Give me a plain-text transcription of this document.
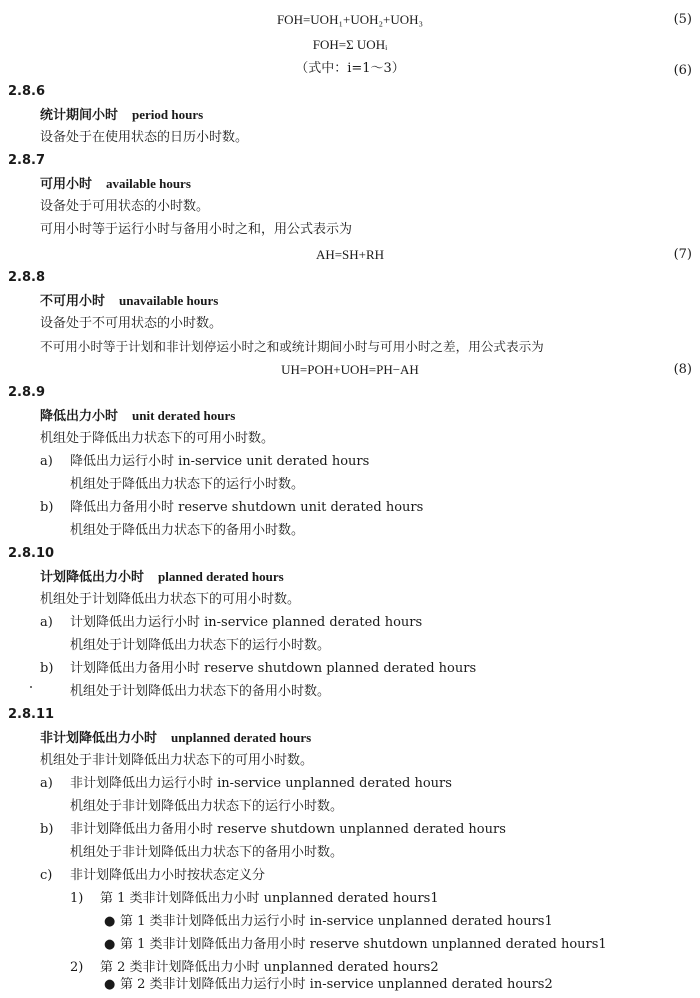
FOH=UOH₁+UOH₂+UOH₃	(5)
FOH=Σ UOHᵢ
（式中：i=1～3）	(6)
2.8.6
统计期间小时 period hours
设备处于在使用状态的日历小时数。
2.8.7
可用小时 available hours
设备处于可用状态的小时数。
可用小时等于运行小时与备用小时之和，用公式表示为
AH=SH+RH	(7)
2.8.8
不可用小时 unavailable hours
设备处于不可用状态的小时数。
不可用小时等于计划和非计划停运小时之和或统计期间小时与可用小时之差，用公式表示为
UH=POH+UOH=PH−AH	(8)
2.8.9
降低出力小时 unit derated hours
机组处于降低出力状态下的可用小时数。
a) 降低出力运行小时 in-service unit derated hours
机组处于降低出力状态下的运行小时数。
b) 降低出力备用小时 reserve shutdown unit derated hours
机组处于降低出力状态下的备用小时数。
2.8.10
计划降低出力小时 planned derated hours
机组处于计划降低出力状态下的可用小时数。
a) 计划降低出力运行小时 in-service planned derated hours
机组处于计划降低出力状态下的运行小时数。
b) 计划降低出力备用小时 reserve shutdown planned derated hours
机组处于计划降低出力状态下的备用小时数。
2.8.11
非计划降低出力小时 unplanned derated hours
机组处于非计划降低出力状态下的可用小时数。
a) 非计划降低出力运行小时 in-service unplanned derated hours
机组处于非计划降低出力状态下的运行小时数。
b) 非计划降低出力备用小时 reserve shutdown unplanned derated hours
机组处于非计划降低出力状态下的备用小时数。
c) 非计划降低出力小时按状态定义分
1) 第 1 类非计划降低出力小时 unplanned derated hours1
● 第 1 类非计划降低出力运行小时 in-service unplanned derated hours1
● 第 1 类非计划降低出力备用小时 reserve shutdown unplanned derated hours1
2) 第 2 类非计划降低出力小时 unplanned derated hours2
● 第 2 类非计划降低出力运行小时 in-service unplanned derated hours2
